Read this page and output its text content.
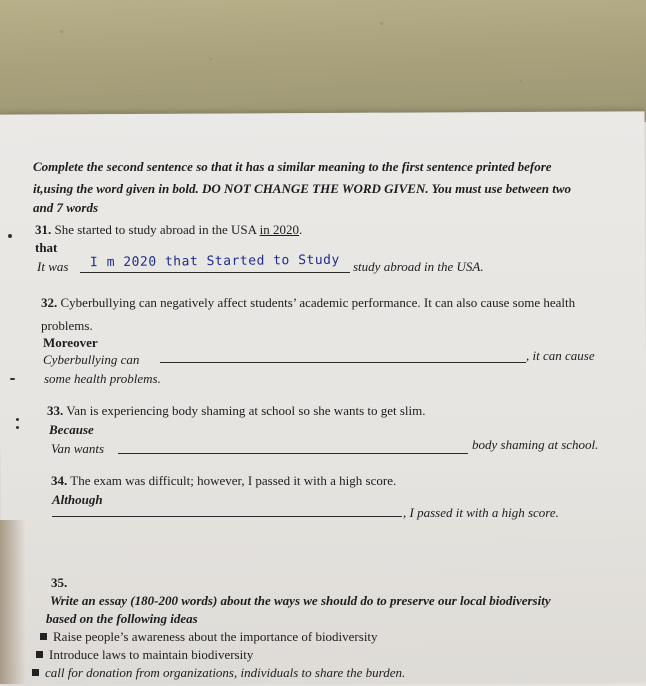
Complete the second sentence so that it has a similar meaning to the first sentence printed before
it,using the word given in bold. DO NOT CHANGE THE WORD GIVEN. You must use between two
and 7 words
31. She started to study abroad in the USA in 2020.
that
It was I m 2020 that Started to Study study abroad in the USA.
32. Cyberbullying can negatively affect students’ academic performance. It can also cause some health
problems.
Moreover
Cyberbullying can	, it can cause
some health problems.
33. Van is experiencing body shaming at school so she wants to get slim.
Because
Van wants	body shaming at school.
34. The exam was difficult; however, I passed it with a high score.
Although
, I passed it with a high score.
35.
Write an essay (180-200 words) about the ways we should do to preserve our local biodiversity
based on the following ideas
Raise people’s awareness about the importance of biodiversity
Introduce laws to maintain biodiversity
call for donation from organizations, individuals to share the burden.
